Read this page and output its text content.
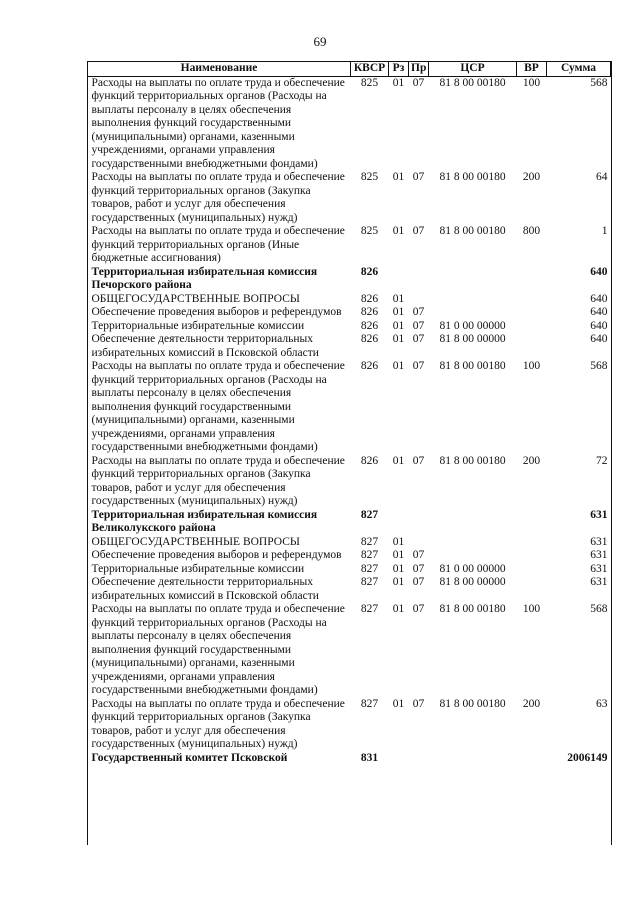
69
Наименование	КВСР	Рз	Пр	ЦСР	ВР	Сумма
Расходы на выплаты по оплате труда и обеспечение функций территориальных органов (Расходы на выплаты персоналу в целях обеспечения выполнения функций государственными (муниципальными) органами, казенными учреждениями, органами управления государственными внебюджетными фондами)	825	01	07	81 8 00 00180	100	568
Расходы на выплаты по оплате труда и обеспечение функций территориальных органов (Закупка товаров, работ и услуг для обеспечения государственных (муниципальных) нужд)	825	01	07	81 8 00 00180	200	64
Расходы на выплаты по оплате труда и обеспечение функций территориальных органов (Иные бюджетные ассигнования)	825	01	07	81 8 00 00180	800	1
Территориальная избирательная комиссия Печорского района	826					640
ОБЩЕГОСУДАРСТВЕННЫЕ ВОПРОСЫ	826	01				640
Обеспечение проведения выборов и референдумов	826	01	07			640
Территориальные избирательные комиссии	826	01	07	81 0 00 00000		640
Обеспечение деятельности территориальных избирательных комиссий в Псковской области	826	01	07	81 8 00 00000		640
Расходы на выплаты по оплате труда и обеспечение функций территориальных органов (Расходы на выплаты персоналу в целях обеспечения выполнения функций государственными (муниципальными) органами, казенными учреждениями, органами управления государственными внебюджетными фондами)	826	01	07	81 8 00 00180	100	568
Расходы на выплаты по оплате труда и обеспечение функций территориальных органов (Закупка товаров, работ и услуг для обеспечения государственных (муниципальных) нужд)	826	01	07	81 8 00 00180	200	72
Территориальная избирательная комиссия Великолукского района	827					631
ОБЩЕГОСУДАРСТВЕННЫЕ ВОПРОСЫ	827	01				631
Обеспечение проведения выборов и референдумов	827	01	07			631
Территориальные избирательные комиссии	827	01	07	81 0 00 00000		631
Обеспечение деятельности территориальных избирательных комиссий в Псковской области	827	01	07	81 8 00 00000		631
Расходы на выплаты по оплате труда и обеспечение функций территориальных органов (Расходы на выплаты персоналу в целях обеспечения выполнения функций государственными (муниципальными) органами, казенными учреждениями, органами управления государственными внебюджетными фондами)	827	01	07	81 8 00 00180	100	568
Расходы на выплаты по оплате труда и обеспечение функций территориальных органов (Закупка товаров, работ и услуг для обеспечения государственных (муниципальных) нужд)	827	01	07	81 8 00 00180	200	63
Государственный комитет Псковской	831					2006149
